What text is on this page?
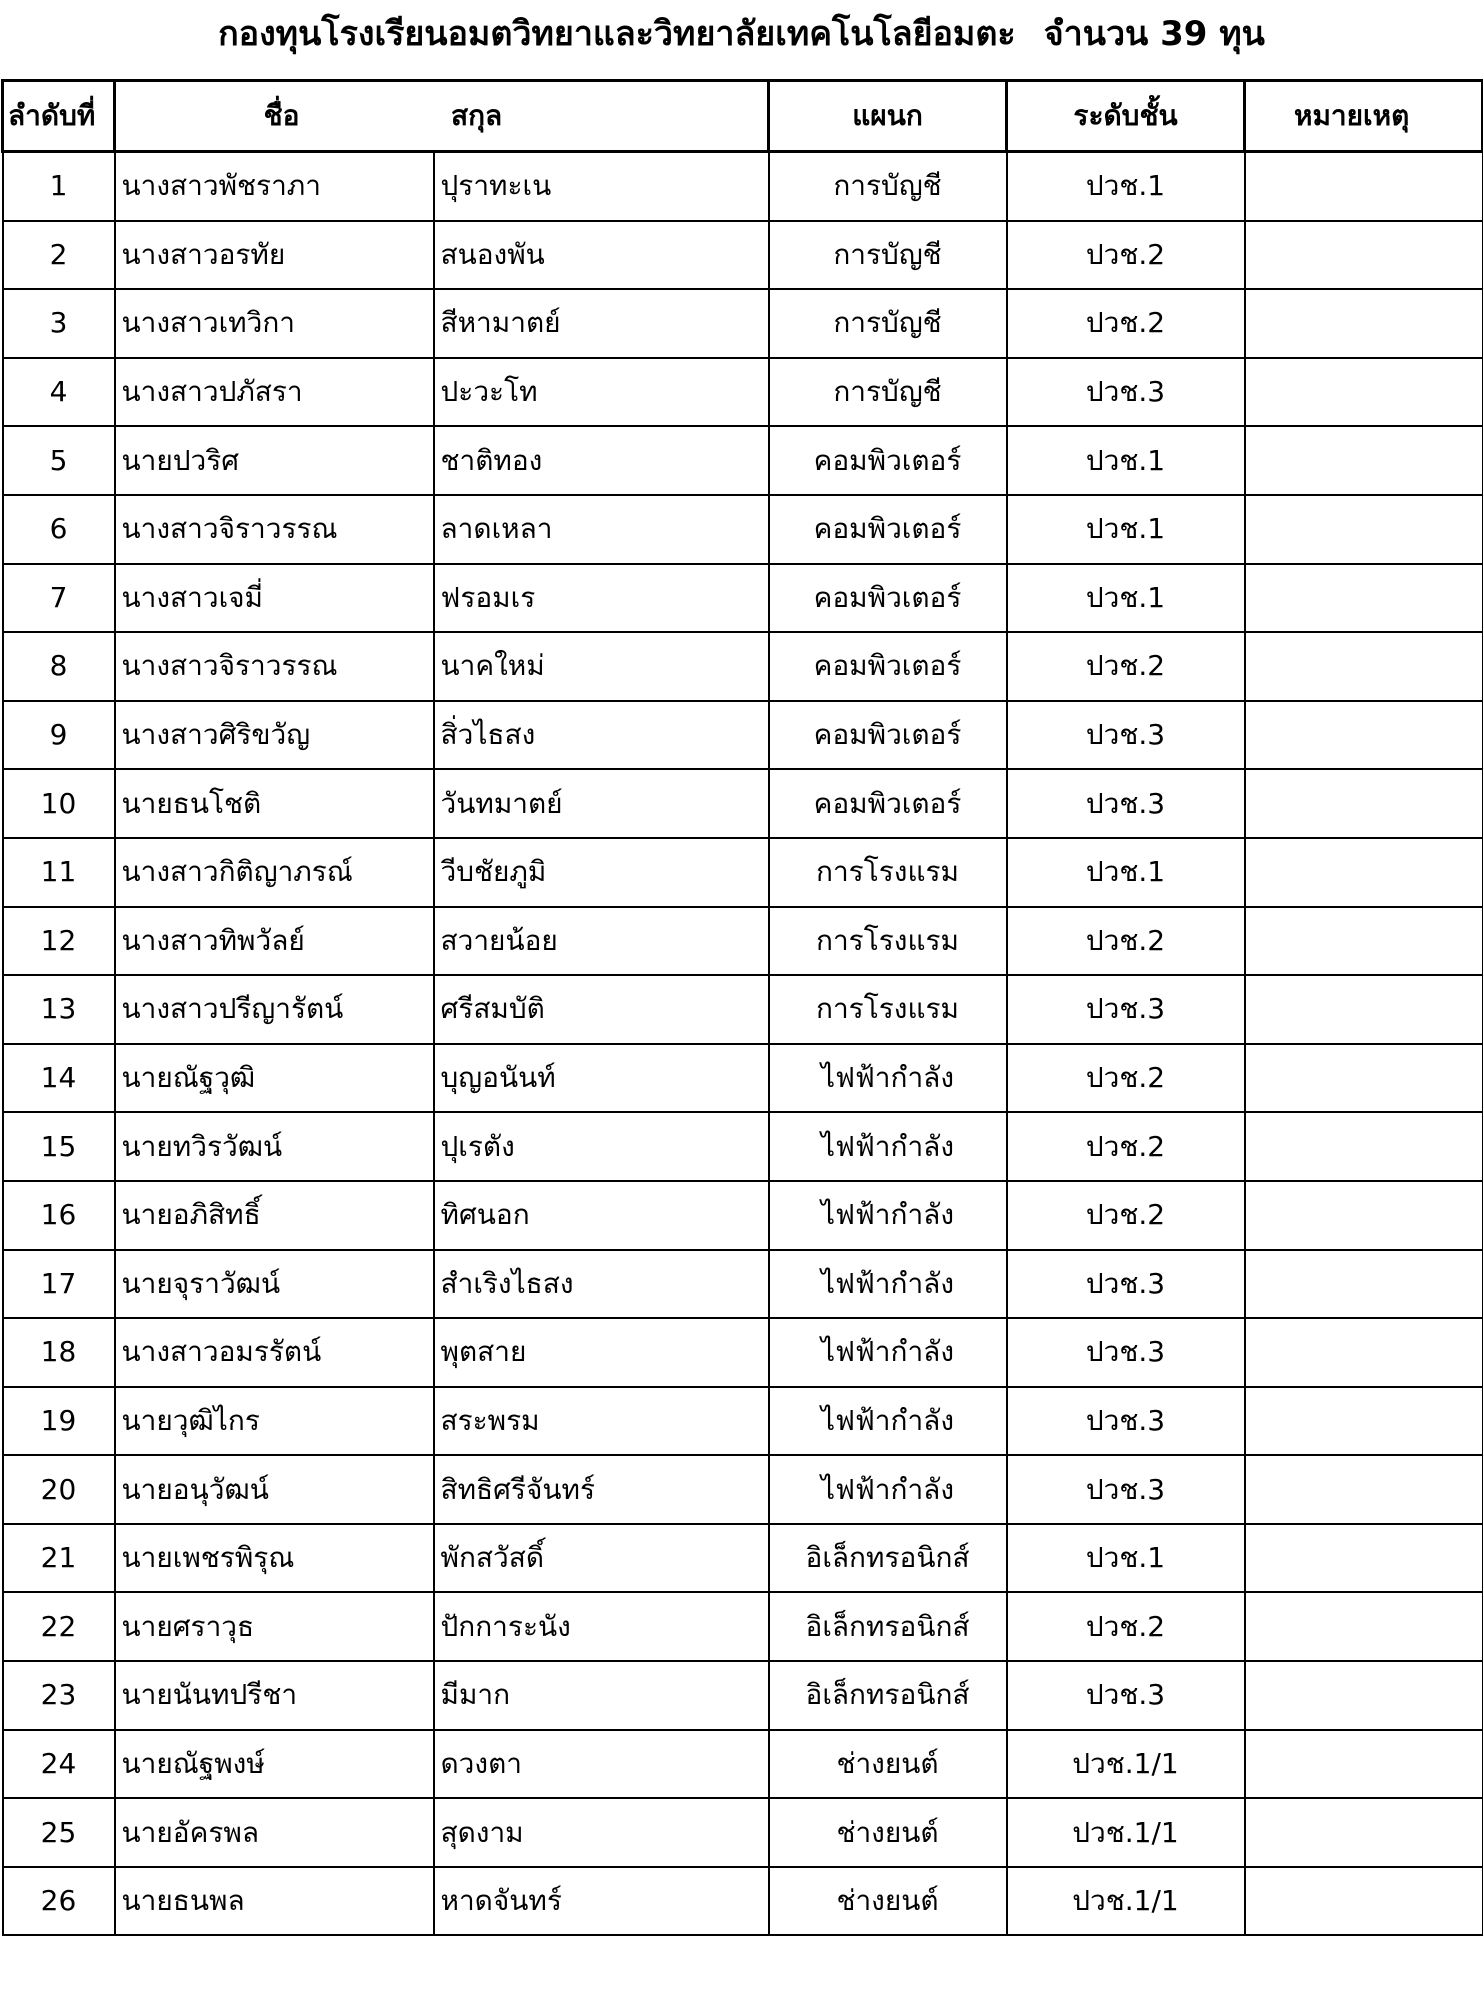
กองทุนโรงเรียนอมตวิทยาและวิทยาลัยเทคโนโลยีอมตะ จำนวน 39 ทุน
ลำดับที่	ชื่อ สกุล		แผนก	ระดับชั้น	หมายเหตุ
1	นางสาวพัชราภา	ปุราทะเน	การบัญชี	ปวช.1	
2	นางสาวอรทัย	สนองพัน	การบัญชี	ปวช.2	
3	นางสาวเทวิกา	สีหามาตย์	การบัญชี	ปวช.2	
4	นางสาวปภัสรา	ปะวะโท	การบัญชี	ปวช.3	
5	นายปวริศ	ชาติทอง	คอมพิวเตอร์	ปวช.1	
6	นางสาวจิราวรรณ	ลาดเหลา	คอมพิวเตอร์	ปวช.1	
7	นางสาวเจมี่	ฟรอมเร	คอมพิวเตอร์	ปวช.1	
8	นางสาวจิราวรรณ	นาคใหม่	คอมพิวเตอร์	ปวช.2	
9	นางสาวศิริขวัญ	สิ่วไธสง	คอมพิวเตอร์	ปวช.3	
10	นายธนโชติ	วันทมาตย์	คอมพิวเตอร์	ปวช.3	
11	นางสาวกิติญาภรณ์	วีบชัยภูมิ	การโรงแรม	ปวช.1	
12	นางสาวทิพวัลย์	สวายน้อย	การโรงแรม	ปวช.2	
13	นางสาวปรีญารัตน์	ศรีสมบัติ	การโรงแรม	ปวช.3	
14	นายณัฐวุฒิ	บุญอนันท์	ไฟฟ้ากำลัง	ปวช.2	
15	นายทวิรวัฒน์	ปุเรตัง	ไฟฟ้ากำลัง	ปวช.2	
16	นายอภิสิทธิ์	ทิศนอก	ไฟฟ้ากำลัง	ปวช.2	
17	นายจุราวัฒน์	สำเริงไธสง	ไฟฟ้ากำลัง	ปวช.3	
18	นางสาวอมรรัตน์	พุตสาย	ไฟฟ้ากำลัง	ปวช.3	
19	นายวุฒิไกร	สระพรม	ไฟฟ้ากำลัง	ปวช.3	
20	นายอนุวัฒน์	สิทธิศรีจันทร์	ไฟฟ้ากำลัง	ปวช.3	
21	นายเพชรพิรุณ	พักสวัสดิ์	อิเล็กทรอนิกส์	ปวช.1	
22	นายศราวุธ	ปักการะนัง	อิเล็กทรอนิกส์	ปวช.2	
23	นายนันทปรีชา	มีมาก	อิเล็กทรอนิกส์	ปวช.3	
24	นายณัฐพงษ์	ดวงตา	ช่างยนต์	ปวช.1/1	
25	นายอัครพล	สุดงาม	ช่างยนต์	ปวช.1/1	
26	นายธนพล	หาดจันทร์	ช่างยนต์	ปวช.1/1	
